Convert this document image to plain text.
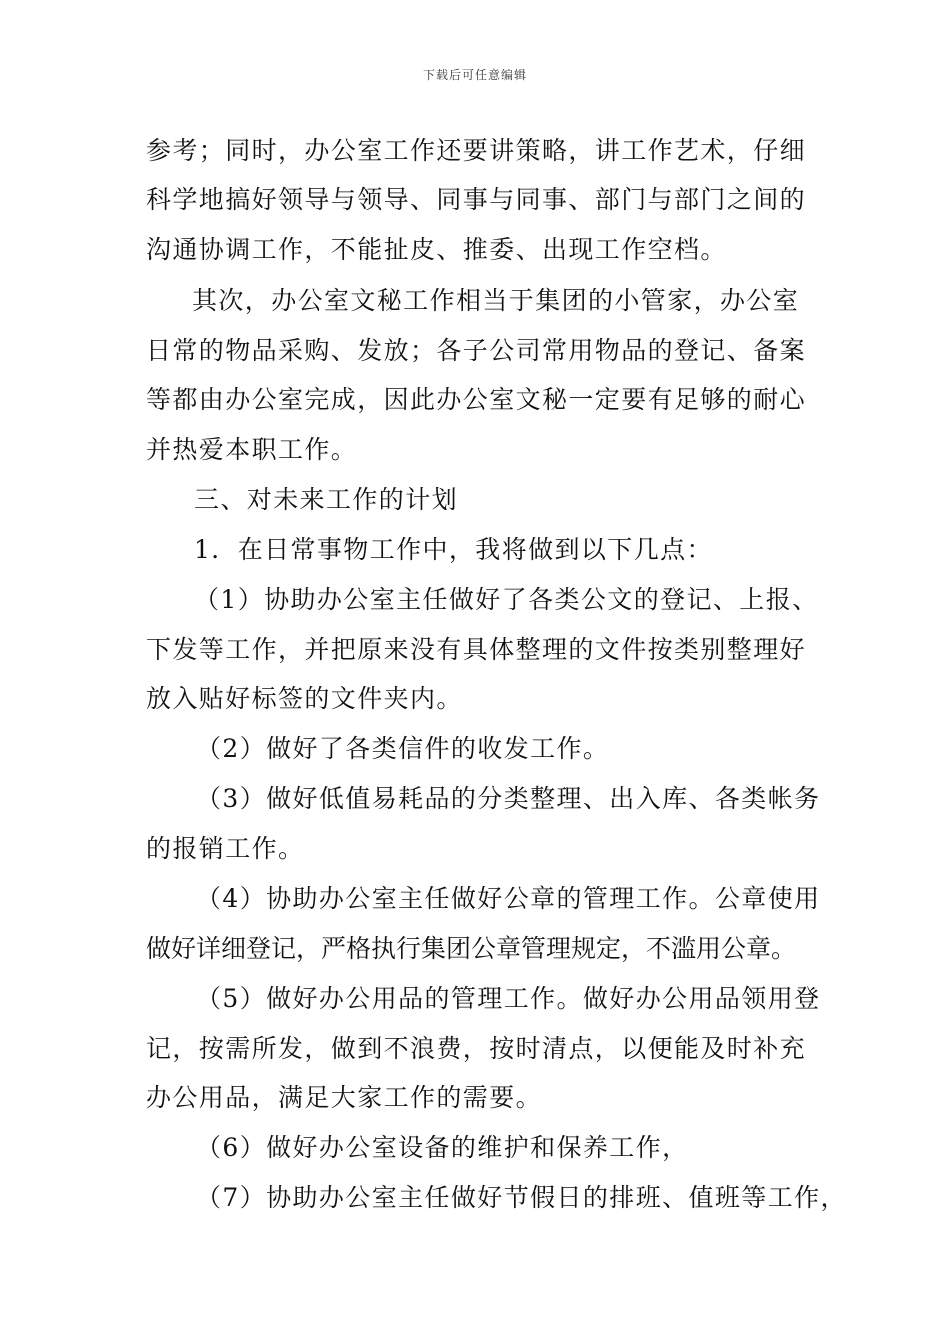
下载后可任意编辑
参考；同时，办公室工作还要讲策略，讲工作艺术，仔细
科学地搞好领导与领导、同事与同事、部门与部门之间的
沟通协调工作，不能扯皮、推委、出现工作空档。
其次，办公室文秘工作相当于集团的小管家，办公室
日常的物品采购、发放；各子公司常用物品的登记、备案
等都由办公室完成，因此办公室文秘一定要有足够的耐心
并热爱本职工作。
三、对未来工作的计划
1．在日常事物工作中，我将做到以下几点：
（1）协助办公室主任做好了各类公文的登记、上报、
下发等工作，并把原来没有具体整理的文件按类别整理好
放入贴好标签的文件夹内。
（2）做好了各类信件的收发工作。
（3）做好低值易耗品的分类整理、出入库、各类帐务
的报销工作。
（4）协助办公室主任做好公章的管理工作。公章使用
做好详细登记，严格执行集团公章管理规定，不滥用公章。
（5）做好办公用品的管理工作。做好办公用品领用登
记，按需所发，做到不浪费，按时清点，以便能及时补充
办公用品，满足大家工作的需要。
（6）做好办公室设备的维护和保养工作，
（7）协助办公室主任做好节假日的排班、值班等工作，
